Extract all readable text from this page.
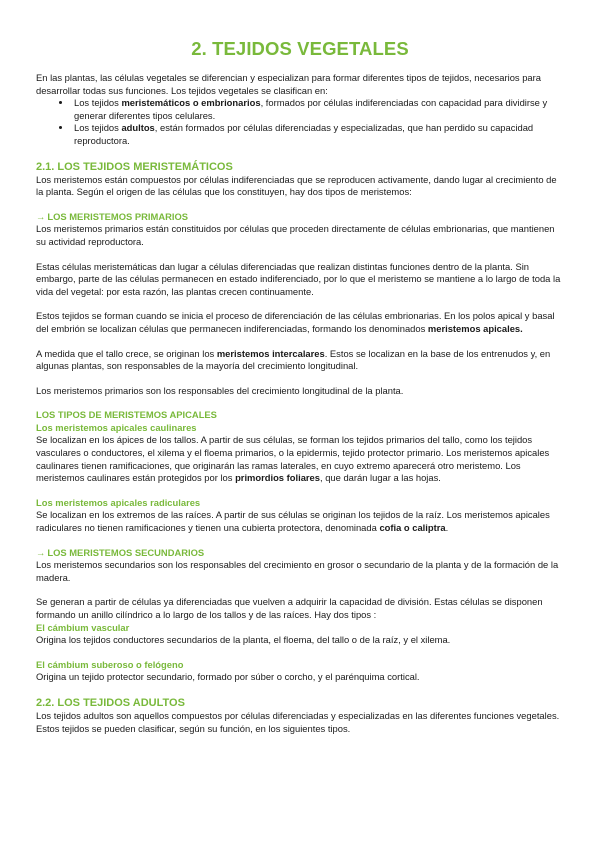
2. TEJIDOS VEGETALES

En las plantas, las células vegetales se diferencian y especializan para formar diferentes tipos de tejidos, necesarios para desarrollar todas sus funciones. Los tejidos vegetales se clasifican en:

• Los tejidos meristemáticos o embrionarios, formados por células indiferenciadas con capacidad para dividirse y generar diferentes tipos celulares.
• Los tejidos adultos, están formados por células diferenciadas y especializadas, que han perdido su capacidad reproductora.
2.1. LOS TEJIDOS MERISTEMÁTICOS

Los meristemos están compuestos por células indiferenciadas que se reproducen activamente, dando lugar al crecimiento de la planta. Según el origen de las células que los constituyen, hay dos tipos de meristemos:

→ LOS MERISTEMOS PRIMARIOS

Los meristemos primarios están constituidos por células que proceden directamente de células embrionarias, que mantienen su actividad reproductora.

Estas células meristemáticas dan lugar a células diferenciadas que realizan distintas funciones dentro de la planta. Sin embargo, parte de las células permanecen en estado indiferenciado, por lo que el meristemo se mantiene a lo largo de toda la vida del vegetal: por esta razón, las plantas crecen continuamente.

Estos tejidos se forman cuando se inicia el proceso de diferenciación de las células embrionarias. En los polos apical y basal del embrión se localizan células que permanecen indiferenciadas, formando los denominados meristemos apicales.

A medida que el tallo crece, se originan los meristemos intercalares. Estos se localizan en la base de los entrenudos y, en algunas plantas, son responsables de la mayoría del crecimiento longitudinal.

Los meristemos primarios son los responsables del crecimiento longitudinal de la planta.

LOS TIPOS DE MERISTEMOS APICALES
Los meristemos apicales caulinares

Se localizan en los ápices de los tallos. A partir de sus células, se forman los tejidos primarios del tallo, como los tejidos vasculares o conductores, el xilema y el floema primarios, o la epidermis, tejido protector primario. Los meristemos apicales caulinares tienen ramificaciones, que originarán las ramas laterales, en cuyo extremo aparecerá otro meristemo. Los meristemos caulinares están protegidos por los primordios foliares, que darán lugar a las hojas.

Los meristemos apicales radiculares

Se localizan en los extremos de las raíces. A partir de sus células se originan los tejidos de la raíz. Los meristemos apicales radiculares no tienen ramificaciones y tienen una cubierta protectora, denominada cofia o caliptra.

→ LOS MERISTEMOS SECUNDARIOS

Los meristemos secundarios son los responsables del crecimiento en grosor o secundario de la planta y de la formación de la madera.

Se generan a partir de células ya diferenciadas que vuelven a adquirir la capacidad de división. Estas células se disponen formando un anillo cilíndrico a lo largo de los tallos y de las raíces. Hay dos tipos :

El cámbium vascular

Origina los tejidos conductores secundarios de la planta, el floema, del tallo o de la raíz, y el xilema.

El cámbium suberoso o felógeno

Origina un tejido protector secundario, formado por súber o corcho, y el parénquima cortical.

2.2. LOS TEJIDOS ADULTOS

Los tejidos adultos son aquellos compuestos por células diferenciadas y especializadas en las diferentes funciones vegetales. Estos tejidos se pueden clasificar, según su función, en los siguientes tipos.
